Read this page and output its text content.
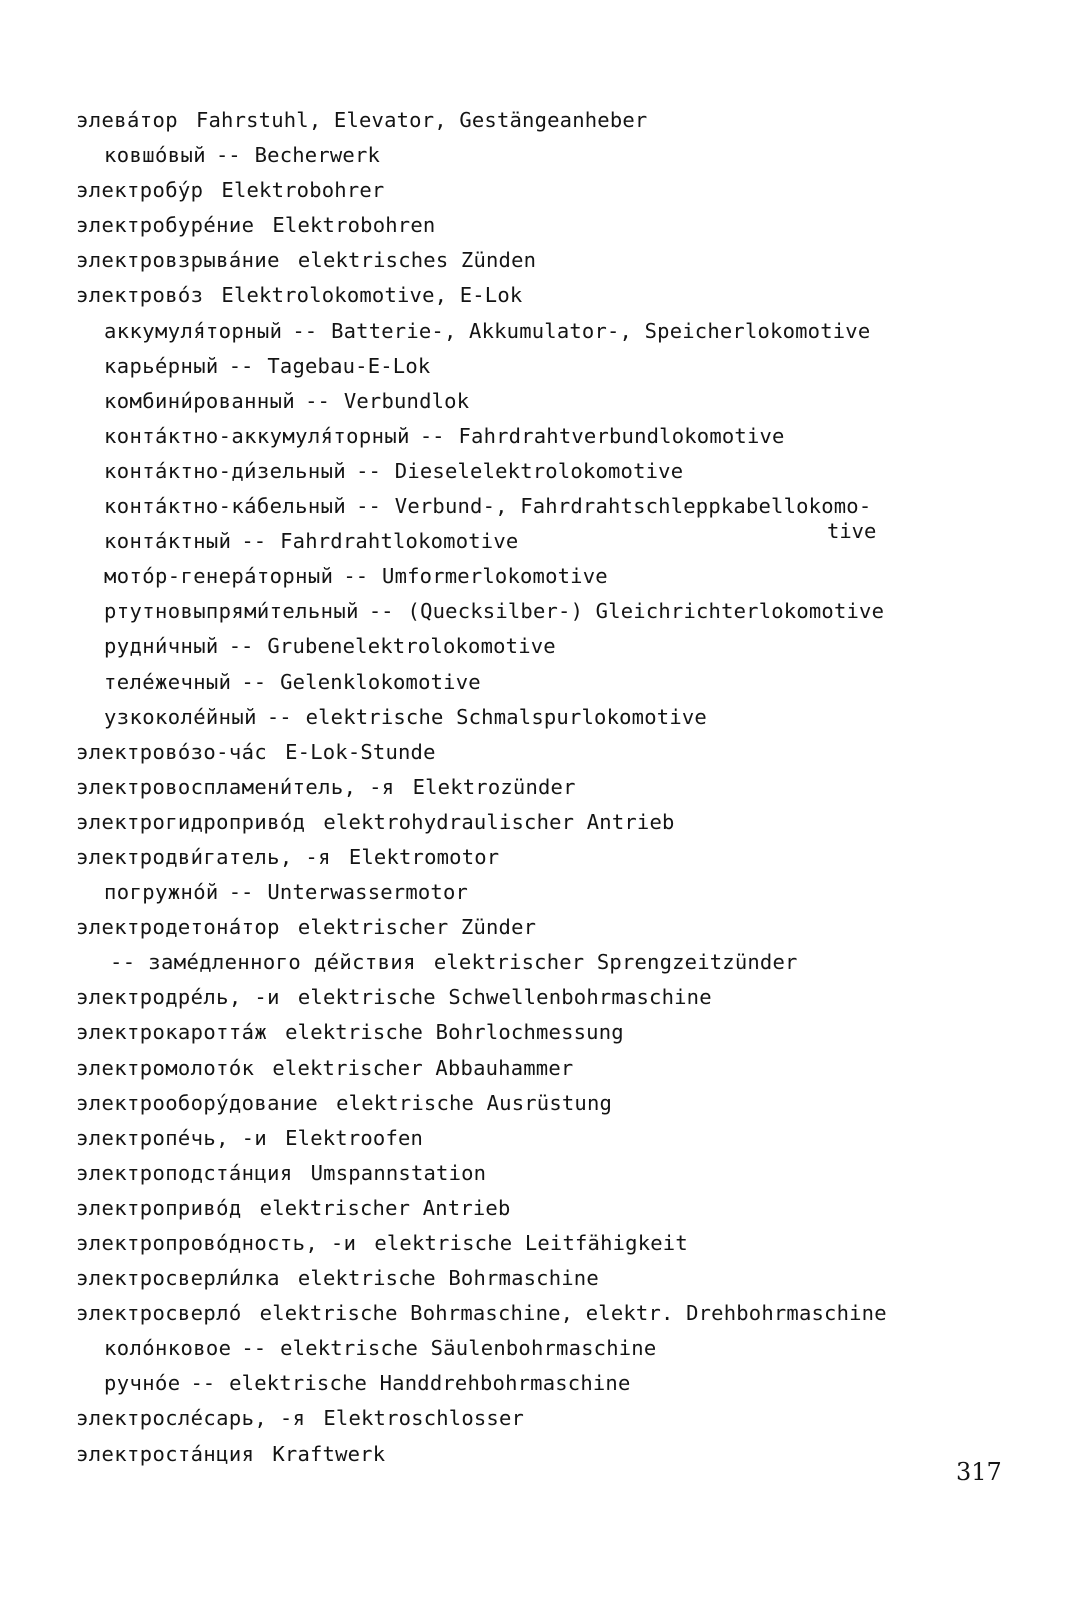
элева́тор Fahrstuhl, Elevator, Gestängeanheber
ковшо́вый -- Becherwerk
электробу́р Elektrobohrer
электробуре́ние Elektrobohren
электровзрыва́ние elektrisches Zünden
электрово́з Elektrolokomotive, E-Lok
аккумуля́торный -- Batterie-, Akkumulator-, Speicherlokomotive
карье́рный -- Tagebau-E-Lok
комбини́рованный -- Verbundlok
конта́ктно-аккумуля́торный -- Fahrdrahtverbundlokomotive
конта́ктно-ди́зельный -- Dieselelektrolokomotive
конта́ктно-ка́бельный -- Verbund-, Fahrdrahtschleppkabellokomo-
конта́ктный -- Fahrdrahtlokomotive
мото́р-генера́торный -- Umformerlokomotive
ртутновыпрями́тельный -- (Quecksilber-) Gleichrichterlokomotive
рудни́чный -- Grubenelektrolokomotive
теле́жечный -- Gelenklokomotive
узкоколе́йный -- elektrische Schmalspurlokomotive
электрово́зо-ча́с E-Lok-Stunde
электровоспламени́тель, -я Elektrozünder
электрогидроприво́д elektrohydraulischer Antrieb
электродви́гатель, -я Elektromotor
погружно́й -- Unterwassermotor
электродетона́тор elektrischer Zünder
-- заме́дленного де́йствия elektrischer Sprengzeitzünder
электродре́ль, -и elektrische Schwellenbohrmaschine
электрокаротта́ж elektrische Bohrlochmessung
электромолото́к elektrischer Abbauhammer
электрооборýдование elektrische Ausrüstung
электропе́чь, -и Elektroofen
электроподста́нция Umspannstation
электроприво́д elektrischer Antrieb
электропрово́дность, -и elektrische Leitfähigkeit
электросверли́лка elektrische Bohrmaschine
электросверло́ elektrische Bohrmaschine, elektr. Drehbohrmaschine
коло́нковое -- elektrische Säulenbohrmaschine
ручно́е -- elektrische Handdrehbohrmaschine
электросле́сарь, -я Elektroschlosser
электроста́нция Kraftwerk
tive
317
